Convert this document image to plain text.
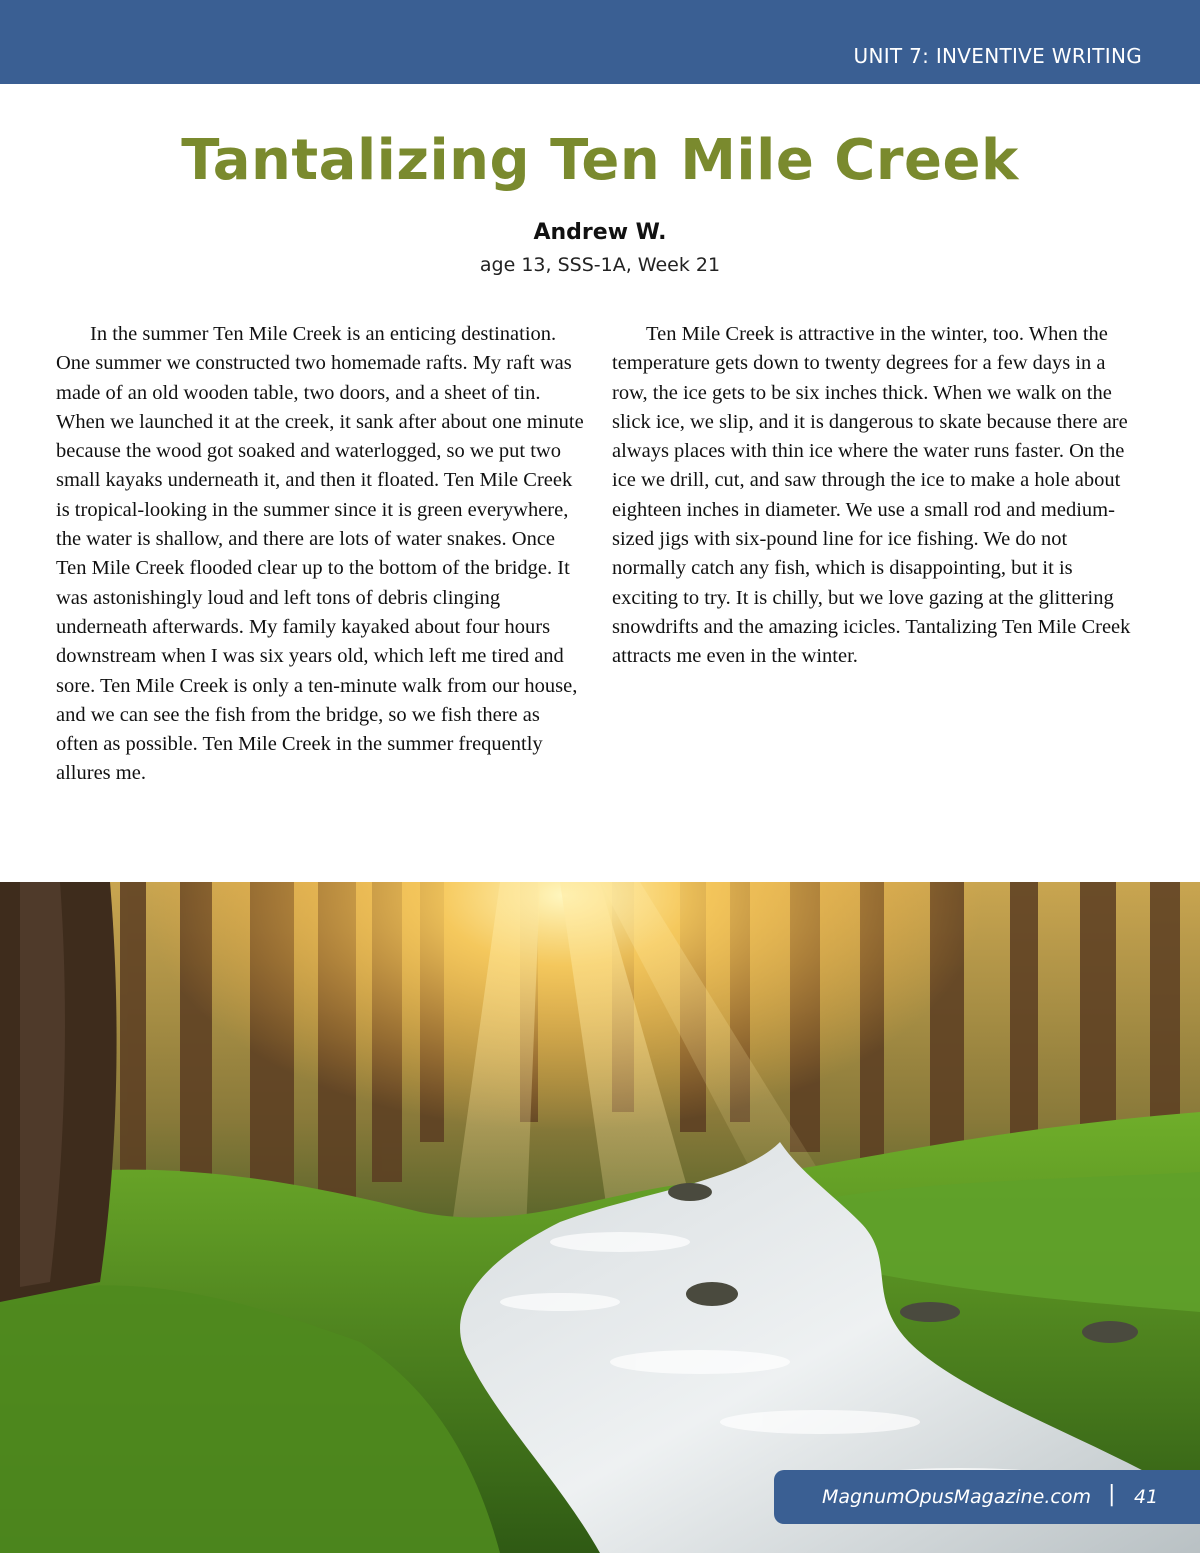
UNIT 7: INVENTIVE WRITING
Tantalizing Ten Mile Creek
Andrew W.
age 13, SSS-1A, Week 21

In the summer Ten Mile Creek is an enticing destination. One summer we constructed two homemade rafts. My raft was made of an old wooden table, two doors, and a sheet of tin. When we launched it at the creek, it sank after about one minute because the wood got soaked and waterlogged, so we put two small kayaks underneath it, and then it floated. Ten Mile Creek is tropical-looking in the summer since it is green everywhere, the water is shallow, and there are lots of water snakes. Once Ten Mile Creek flooded clear up to the bottom of the bridge. It was astonishingly loud and left tons of debris clinging underneath afterwards. My family kayaked about four hours downstream when I was six years old, which left me tired and sore. Ten Mile Creek is only a ten-minute walk from our house, and we can see the fish from the bridge, so we fish there as often as possible. Ten Mile Creek in the summer frequently allures me.

Ten Mile Creek is attractive in the winter, too. When the temperature gets down to twenty degrees for a few days in a row, the ice gets to be six inches thick. When we walk on the slick ice, we slip, and it is dangerous to skate because there are always places with thin ice where the water runs faster. On the ice we drill, cut, and saw through the ice to make a hole about eighteen inches in diameter. We use a small rod and medium-sized jigs with six-pound line for ice fishing. We do not normally catch any fish, which is disappointing, but it is exciting to try. It is chilly, but we love gazing at the glittering snowdrifts and the amazing icicles. Tantalizing Ten Mile Creek attracts me even in the winter.

MagnumOpusMagazine.com | 41
